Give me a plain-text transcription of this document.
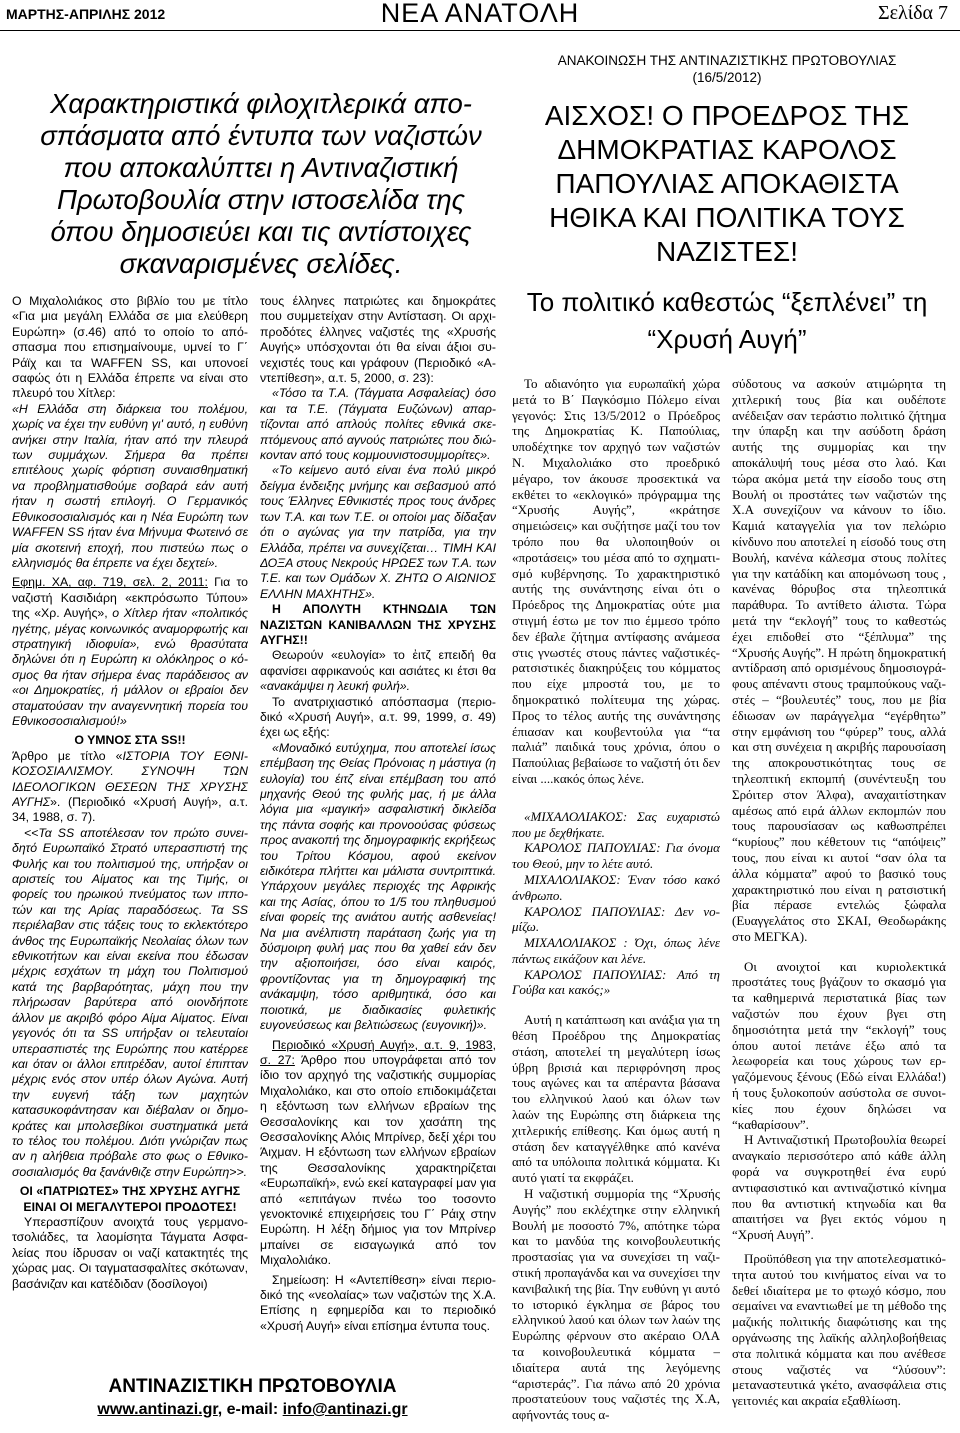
ΜΑΡΤΗΣ-ΑΠΡΙΛΗΣ 2012	ΝΕΑ ΑΝΑΤΟΛΗ	Σελίδα 7
Χαρακτηριστικά φιλοχιτλερικά αποσπάσματα από έντυπα των ναζιστών που αποκαλύπτει η Αντιναζιστική Πρωτοβουλία στην ιστοσελίδα της όπου δημοσιεύει και τις αντίστοιχες σκαναρισμένες σελίδες.

Ο Μιχαλολιάκος στο βιβλίο του με τίτλο «Για μια μεγάλη Ελλάδα σε μια ελεύθερη Ευρώπη» (σ.46) από το οποίο το απόσπασμα που επισημαίνουμε, υμνεί το Γ΄ Ράϊχ και τα WAFFEN SS, και υπονοεί σαφώς ότι η Ελλάδα έπρεπε να είναι στο πλευρό του Χίτλερ:

«Η Ελλάδα στη διάρκεια του πολέμου, χωρίς να έχει την ευθύνη γι' αυτό, η ευθύνη ανήκει στην Ιταλία, ήταν από την πλευρά των συμμάχων. Σήμερα θα πρέπει επιτέλους χωρίς φόρτιση συναισθηματική να προβληματισθούμε σοβαρά εάν αυτή ήταν η σωστή επιλογή. Ο Γερμανικός Εθνικοσοσιαλισμός και η Νέα Ευρώπη των WAFFEN SS ήταν ένα Μήνυμα Φωτεινό σε μία σκοτεινή εποχή, που πιστεύω πως ο ελληνισμός θα έπρεπε να έχει δεχτεί».

Εφημ. ΧΑ, αφ. 719, σελ. 2, 2011: Για το ναζιστή Κασιδιάρη «εκπρόσωπο Τύπου» της «Χρ. Αυγής», ο Χίτλερ ήταν «πολιτικός ηγέτης, μέγας κοινωνικός αναμορφωτής και στρατηγική ιδιοφυία», ενώ θρασύτατα δηλώνει ότι η Ευρώπη κι ολόκληρος ο κόσμος θα ήταν σήμερα ένας παράδεισος αν «οι Δημοκρατίες, ή μάλλον οι εβραίοι δεν σταματούσαν την αναγεννητική πορεία του Εθνικοσοσιαλισμού!»

Ο ΥΜΝΟΣ ΣΤΑ SS!!

Άρθρο με τίτλο «ΙΣΤΟΡΙΑ ΤΟΥ ΕΘΝΙΚΟΣΟΣΙΑΛΙΣΜΟΥ. ΣΥΝΟΨΗ ΤΩΝ ΙΔΕΟΛΟΓΙΚΩΝ ΘΕΣΕΩΝ ΤΗΣ ΧΡΥΣΗΣ ΑΥΓΗΣ». (Περιοδικό «Χρυσή Αυγή», α.τ. 34, 1988, σ. 7).

<<Τα SS αποτέλεσαν τον πρώτο συνειδητό Ευρωπαϊκό Στρατό υπερασπιστή της Φυλής και του πολιτισμού της, υπήρξαν οι αριστείς του Αίματος και της Τιμής, οι φορείς του ηρωικού πνεύματος των ιπποτών και της Αρίας παραδόσεως. Τα SS περιέλαβαν στις τάξεις τους το εκλεκτότερο άνθος της Ευρωπαϊκής Νεολαίας όλων των εθνικοτήτων και είναι εκείνα που έδωσαν μέχρις εσχάτων τη μάχη του Πολιτισμού κατά της βαρβαρότητας, μάχη που την πλήρωσαν βαρύτερα από οιονδήποτε άλλον με ακριβό φόρο Αίμα Αίματος. Είναι γεγονός ότι τα SS υπήρξαν οι τελευταίοι υπερασπιστές της Ευρώπης που κατέρρεε και όταν οι άλλοι επιτρέδαν, αυτοί έπιπταν μέχρις ενός στον υπέρ όλων Αγώνα. Αυτή την ευγενή τάξη των μαχητών κατασυκοφάντησαν και διέβαλαν οι δημοκράτες και μπολσεβίκοι συστηματικά μετά το τέλος του πολέμου. Διότι γνώριζαν πως αν η αλήθεια πρόβαλε στο φως ο Εθνικοσοσιαλισμός θα ξανάνθιζε στην Ευρώπη>>.

ΟΙ «ΠΑΤΡΙΩΤΕΣ» ΤΗΣ ΧΡΥΣΗΣ ΑΥΓΗΣ ΕΙΝΑΙ ΟΙ ΜΕΓΑΛΥΤΕΡΟΙ ΠΡΟΔΟΤΕΣ!

Υπερασπίζουν ανοιχτά τους γερμανοτσολιάδες, τα λαομίσητα Τάγματα Ασφαλείας που ίδρυσαν οι ναζί κατακτητές της χώρας μας. Οι ταγματασφαλίτες σκότωναν, βασάνιζαν και κατέδιδαν (δοσίλογοι)

τους έλληνες πατριώτες και δημοκράτες που συμμετείχαν στην Αντίσταση. Οι αρχι-προδότες έλληνες ναζιστές της «Χρυσής Αυγής» υπόσχονται ότι θα είναι άξιοι συνεχιστές τους και γράφουν (Περιοδικό «Αντεπίθεση», α.τ. 5, 2000, σ. 23):

«Τόσο τα Τ.Α. (Τάγματα Ασφαλείας) όσο και τα Τ.Ε. (Τάγματα Ευζώνων) απαρτίζονται από απλούς πολίτες εθνικά σκεπτόμενους από αγνούς πατριώτες που διώκονταν από τους κομμουνιστοσυμμορίτες».

«Το κείμενο αυτό είναι ένα πολύ μικρό δείγμα ένδειξης μνήμης και σεβασμού από τους Έλληνες Εθνικιστές προς τους άνδρες των Τ.Α. και των Τ.Ε. οι οποίοι μας δίδαξαν ότι ο αγώνας για την πατρίδα, για την Ελλάδα, πρέπει να συνεχίζεται… ΤΙΜΗ ΚΑΙ ΔΟΞΑ στους Νεκρούς ΗΡΩΕΣ των Τ.Α. των Τ.Ε. και των Ομάδων Χ. ΖΗΤΩ Ο ΑΙΩΝΙΟΣ ΕΛΛΗΝ ΜΑΧΗΤΗΣ».

Η ΑΠΟΛΥΤΗ ΚΤΗΝΩΔΙΑ ΤΩΝ ΝΑΖΙΣΤΩΝ ΚΑΝΙΒΑΛΛΩΝ ΤΗΣ ΧΡΥΣΗΣ ΑΥΓΗΣ!!

Θεωρούν «ευλογία» το ἐιτζ επειδή θα αφανίσει αφρικανούς και ασιάτες κι έτσι θα «ανακάμψει η λευκή φυλή».

Το ανατριχιαστικό απόσπασμα (περιοδικό «Χρυσή Αυγή», α.τ. 99, 1999, σ. 49) έχει ως εξής:

«Μοναδικό ευτύχημα, που αποτελεί ίσως επέμβαση της Θείας Πρόνοιας η μάστιγα (η ευλογία) του έιτζ είναι επέμβαση του από μηχανής Θεού της φυλής μας, ή με άλλα λόγια μια «μαγική» ασφαλιστική δικλείδα της πάντα σοφής και προνοούσας φύσεως προς ανακοπή της δημογραφικής εκρήξεως του Τρίτου Κόσμου, αφού εκείνον ειδικότερα πλήττει και μάλιστα συντριπτικά. Υπάρχουν μεγάλες περιοχές της Αφρικής και της Ασίας, όπου το 1/5 του πληθυσμού είναι φορείς της ανιάτου αυτής ασθενείας! Να μια ανέλπιστη παράταση ζωής για τη δύσμοιρη φυλή μας που θα χαθεί εάν δεν την αξιοποιήσει, όσο είναι καιρός, φροντίζοντας για τη δημογραφική της ανάκαμψη, τόσο αριθμητικά, όσο και ποιοτικά, με διαδικασίες φυλετικής ευγονεύσεως και βελτιώσεως (ευγονική)».

Περιοδικό «Χρυσή Αυγή», α.τ. 9, 1983, σ. 27: Άρθρο που υπογράφεται από τον ίδιο τον αρχηγό της ναζιστικής συμμορίας Μιχαλολιάκο, και στο οποίο επιδοκιμάζεται η εξόντωση των ελλήνων εβραίων της Θεσσαλονίκης και τον χασάπη της Θεσσαλονίκης Αλόις Μπρίνερ, δεξί χέρι του Άιχμαν. Η εξόντωση των ελλήνων εβραίων της Θεσσαλονίκης χαρακτηρίζεται «Ευρωπαϊκή», ενώ εκεί καταγραφεί μαν για από «επιτάγων πνέω τοο τοσοντο γενοκτονικέ επιχειρήσεις του Γ΄ Ράιχ στην Ευρώπη. Η λέξη δήμιος για τον Μπρίνερ μπαίνει σε εισαγωγικά από τον Μιχαλολιάκο.

Σημείωση: Η «Αντεπίθεση» είναι περιοδικό της «νεολαίας» των ναζιστών της Χ.Α. Επίσης η εφημερίδα και το περιοδικό «Χρυσή Αυγή» είναι επίσημα έντυπα τους.

ΑΝΤΙΝΑΖΙΣΤΙΚΗ ΠΡΩΤΟΒΟΥΛΙΑ
www.antinazi.gr, e-mail: info@antinazi.gr
ΑΝΑΚΟΙΝΩΣΗ ΤΗΣ ΑΝΤΙΝΑΖΙΣΤΙΚΗΣ ΠΡΩΤΟΒΟΥΛΙΑΣ
(16/5/2012)
ΑΙΣΧΟΣ! Ο ΠΡΟΕΔΡΟΣ ΤΗΣ ΔΗΜΟΚΡΑΤΙΑΣ ΚΑΡΟΛΟΣ ΠΑΠΟΥΛΙΑΣ ΑΠΟΚΑΘΙΣΤΑ ΗΘΙΚΑ ΚΑΙ ΠΟΛΙΤΙΚΑ ΤΟΥΣ ΝΑΖΙΣΤΕΣ!
Το πολιτικό καθεστώς “ξεπλένει” τη “Χρυσή Αυγή”

Το αδιανόητο για ευρωπαϊκή χώρα μετά το Β΄ Παγκόσμιο Πόλεμο είναι γεγονός: Στις 13/5/2012 ο Πρόεδρος της Δημοκρατίας Κ. Παπούλιας, υποδέχτηκε τον αρχηγό των ναζιστών Ν. Μιχαλολιάκο στο προεδρικό μέγαρο, τον άκουσε προσεκτικά να εκθέτει το «εκλογικό» πρόγραμμα της “Χρυσής Αυγής”, «κράτησε σημειώσεις» και συζήτησε μαζί του τον τρόπο που θα υλοποιηθούν οι «προτάσεις» του μέσα από το σχηματισμό κυβέρνησης. Το χαρακτηριστικό αυτής της συνάντησης είναι ότι ο Πρόεδρος της Δημοκρατίας ούτε μια στιγμή έστω με τον πιο έμμεσο τρόπο δεν έβαλε ζήτημα αντίφασης ανάμεσα στις γνωστές στους πάντες ναζιστικές- ρατσιστικές διακηρύξεις του κόμματος που είχε μπροστά του, με το δημοκρατικό πολίτευμα της χώρας. Προς το τέλος αυτής της συνάντησης έπιασαν και κουβεντούλα για “τα παλιά” παιδικά τους χρόνια, όπου ο Παπούλιας βεβαίωσε το ναζιστή ότι δεν είναι ....κακός όπως λένε.

«ΜΙΧΑΛΟΛΙΑΚΟΣ: Σας ευχαριστώ που με δεχθήκατε.

ΚΑΡΟΛΟΣ ΠΑΠΟΥΛΙΑΣ: Για όνομα του Θεού, μην το λέτε αυτό.

ΜΙΧΑΛΟΛΙΑΚΟΣ: Έναν τόσο κακό άνθρωπο.

ΚΑΡΟΛΟΣ ΠΑΠΟΥΛΙΑΣ: Δεν νομίζω.

ΜΙΧΑΛΟΛΙΑΚΟΣ : Όχι, όπως λένε πάντως εικάζουν και λένε.

ΚΑΡΟΛΟΣ ΠΑΠΟΥΛΙΑΣ: Από τη Γούβα και κακός;»

Αυτή η κατάπτωση και ανάξια για τη θέση Προέδρου της Δημοκρατίας στάση, αποτελεί τη μεγαλύτερη ίσως ύβρη βρισιά και περιφρόνηση προς τους αγώνες και τα απέραντα βάσανα του ελληνικού λαού και όλων των λαών της Ευρώπης στη διάρκεια της χιτλερικής επίθεσης. Και όμως αυτή η στάση δεν καταγγέλθηκε από κανένα από τα υπόλοιπα πολιτικά κόμματα. Κι αυτό γιατί τα εκφράζει.

Η ναζιστική συμμορία της “Χρυσής Αυγής” που εκλέχτηκε στην ελληνική Βουλή με ποσοστό 7%, απότηκε τώρα και το μανδύα της κοινοβουλευτικής προστασίας για να συνεχίσει τη ναζιστική προπαγάνδα και να συνεχίσει την κανιβαλική της βία. Την ευθύνη γι αυτό το ιστορικό έγκλημα σε βάρος του ελληνικού λαού και όλων των λαών της Ευρώπης φέρνουν στο ακέραιο ΟΛΑ τα κοινοβουλευτικά κόμματα – ιδιαίτερα αυτά της λεγόμενης “αριστεράς”. Για πάνω από 20 χρόνια προστατεύουν τους ναζιστές της Χ.Α, αφήνοντάς τους α-

σύδοτους να ασκούν ατιμώρητα τη χιτλερική τους βία και ουδέποτε ανέδειξαν σαν τεράστιο πολιτικό ζήτημα την ύπαρξη και την ασύδοτη δράση αυτής της συμμορίας και την αποκάλυψή τους μέσα στο λαό. Και τώρα ακόμα μετά την είσοδο τους στη Βουλή οι προστάτες των ναζιστών της Χ.Α συνεχίζουν να κάνουν το ίδιο. Καμιά καταγγελία για τον πελώριο κίνδυνο που αποτελεί η είσοδό τους στη Βουλή, κανένα κάλεσμα στους πολίτες για την κατάδίκη και απομόνωση τους , κανένας θόρυβος στα τηλεοπτικά παράθυρα. Το αντίθετο άλιστα. Τώρα μετά την “εκλογή” τους το καθεστώς έχει επιδοθεί στο “ξέπλυμα” της “Χρυσής Αυγής”. Η πρώτη δημοκρατική αντίδραση από ορισμένους δημοσιογράφους απέναντι στους τραμπούκους ναζιστές – “βουλευτές” τους, που με βία έδιωσαν ων παράγγελμα “εγέρθητω” στην εμφάνιση του “φύρερ” τους, αλλά και στη συνέχεια η ακριβής παρουσίαση της αποκρουστικότητας τους σε τηλεοπτική εκπομπή (συνέντευξη του Σρόιτερ στον Άλφα), αναχαιτίστηκαν αμέσως από ειρά άλλων εκπομπών που τους παρουσίασαν ως καθωσπρέπει “κυρίους” που κέθετουν τις “απόψεις” τους, που είναι κι αυτοί “σαν όλα τα άλλα κόμματα” αφού το βασικό τους χαρακτηριστικό που είναι η ρατσιστική βία πέρασε εντελώς ξώφαλα (Ευαγγελάτος στο ΣΚΑΙ, Θεοδωράκης στο ΜΕΓΚΑ).

Οι ανοιχτοί και κυριολεκτικά προστάτες τους βγάζουν το σκασμό για τα καθημερινά περιστατικά βίας των ναζιστών που έχουν βγει στη δημοσιότητα μετά την “εκλογή” τους όπου αυτοί πετάνε έξω από τα λεωφορεία και τους χώρους των εργαζόμενους ξένους (Εδώ είναι Ελλάδα!) ή τους ξυλοκοπούν ασύστολα σε συνοικίες που έχουν δηλώσει να “καθαρίσουν”.

Η Αντιναζιστική Πρωτοβουλία θεωρεί αναγκαίο περισσότερο από κάθε άλλη φορά να συγκροτηθεί ένα ευρύ αντιφασιστικό και αντιναζιστικό κίνημα που θα αντιστική κτηνωδία και θα απαιτήσει να βγει εκτός νόμου η “Χρυσή Αυγή”.

Προϋπόθεση για την αποτελεσματικότητα αυτού του κινήματος είναι να το δεθεί ιδιαίτερα με το φτωχό κόσμο, που σεμαίνει να εναντιωθεί με τη μέθοδο της μαζικής πολιτικής διαφώτισης και της οργάνωσης της λαϊκής αλληλοβοήθειας στα πολιτικά κόμματα και που ανέθεσε στους ναζιστές να “λύσουν”: μεταναστευτικά γκέτο, ανασφάλεια στις γειτονιές και ακραία εξαθλίωση.
